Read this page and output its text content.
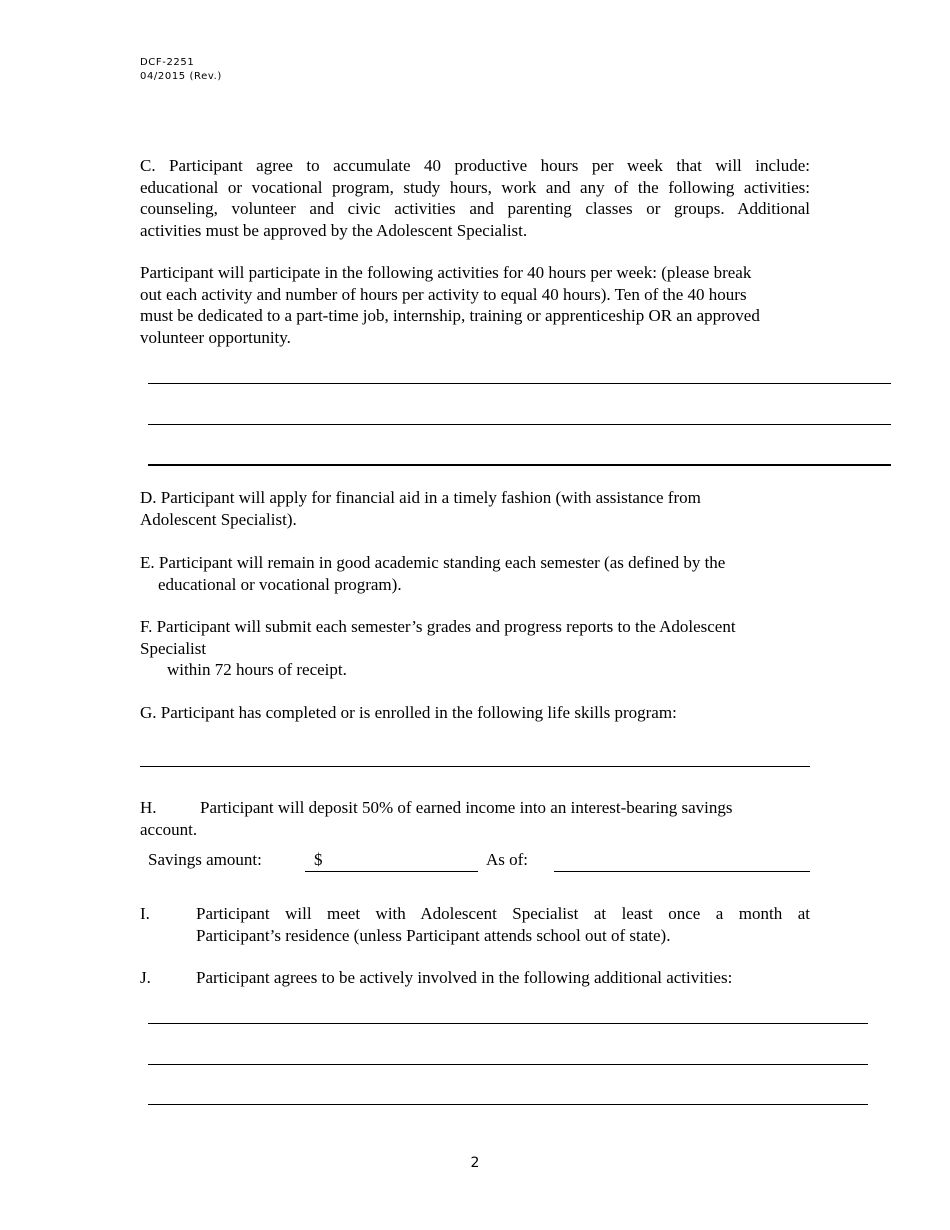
DCF-2251
04/2015 (Rev.)
C. Participant agree to accumulate 40 productive hours per week that will include:
educational or vocational program, study hours, work and any of the following activities:
counseling, volunteer and civic activities and parenting classes or groups. Additional
activities must be approved by the Adolescent Specialist.
Participant will participate in the following activities for 40 hours per week: (please break
out each activity and number of hours per activity to equal 40 hours). Ten of the 40 hours
must be dedicated to a part-time job, internship, training or apprenticeship OR an approved
volunteer opportunity.
D. Participant will apply for financial aid in a timely fashion (with assistance from
Adolescent Specialist).
E. Participant will remain in good academic standing each semester (as defined by the
educational or vocational program).
F. Participant will submit each semester’s grades and progress reports to the Adolescent
Specialist
within 72 hours of receipt.
G. Participant has completed or is enrolled in the following life skills program:
H.	Participant will deposit 50% of earned income into an interest-bearing savings
account.
Savings amount:	$	As of:
I.	Participant will meet with Adolescent Specialist at least once a month at
Participant’s residence (unless Participant attends school out of state).
J.	Participant agrees to be actively involved in the following additional activities:
2
